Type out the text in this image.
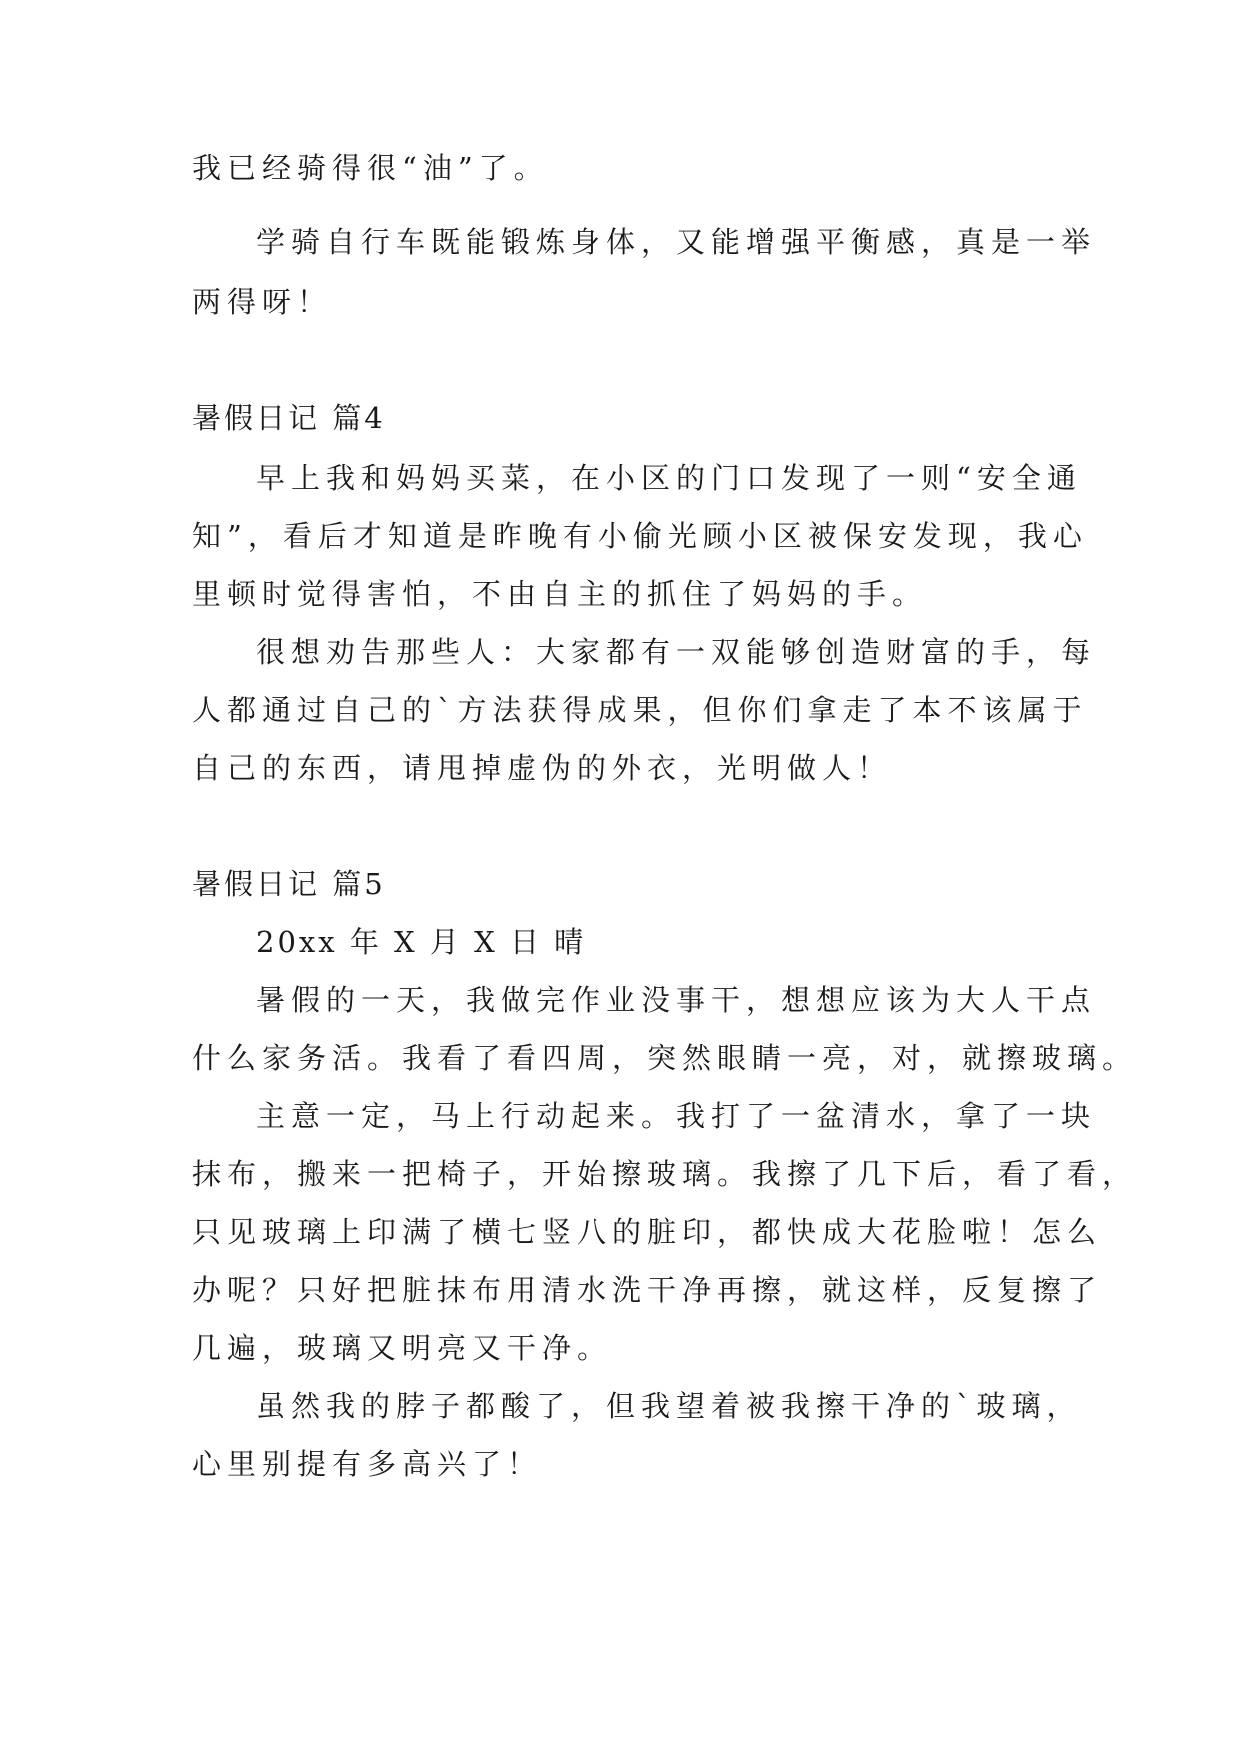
我已经骑得很“油”了。
学骑自行车既能锻炼身体，又能增强平衡感，真是一举
两得呀！
暑假日记 篇4
早上我和妈妈买菜，在小区的门口发现了一则“安全通
知”，看后才知道是昨晚有小偷光顾小区被保安发现，我心
里顿时觉得害怕，不由自主的抓住了妈妈的手。
很想劝告那些人：大家都有一双能够创造财富的手，每
人都通过自己的`方法获得成果，但你们拿走了本不该属于
自己的东西，请甩掉虚伪的外衣，光明做人！
暑假日记 篇5
20xx 年 X 月 X 日 晴
暑假的一天，我做完作业没事干，想想应该为大人干点
什么家务活。我看了看四周，突然眼睛一亮，对，就擦玻璃。
主意一定，马上行动起来。我打了一盆清水，拿了一块
抹布，搬来一把椅子，开始擦玻璃。我擦了几下后，看了看，
只见玻璃上印满了横七竖八的脏印，都快成大花脸啦！怎么
办呢？只好把脏抹布用清水洗干净再擦，就这样，反复擦了
几遍，玻璃又明亮又干净。
虽然我的脖子都酸了，但我望着被我擦干净的`玻璃，
心里别提有多高兴了！
